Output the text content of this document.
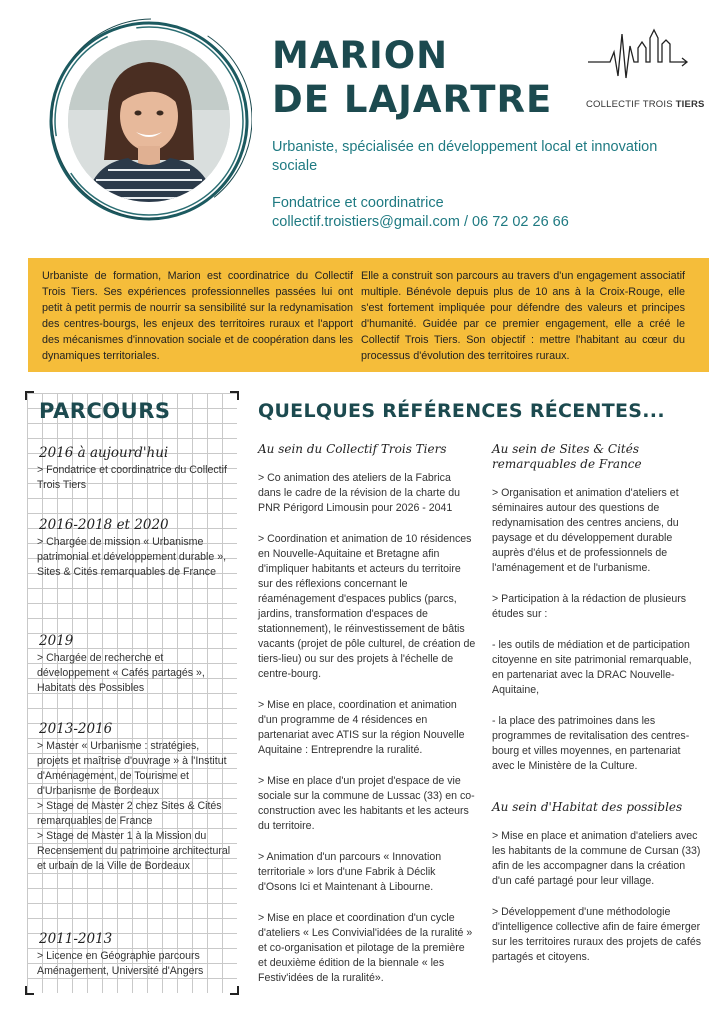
MARION
DE LAJARTRE
Urbaniste, spécialisée en développement local et innovation sociale
Fondatrice et coordinatrice
collectif.troistiers@gmail.com / 06 72 02 26 66
COLLECTIF TROIS TIERS

Urbaniste de formation, Marion est coordinatrice du Collectif Trois Tiers. Ses expériences professionnelles passées lui ont petit à petit permis de nourrir sa sensibilité sur la redynamisation des centres-bourgs, les enjeux des territoires ruraux et l'apport des mécanismes d'innovation sociale et de coopération dans les dynamiques territoriales.

Elle a construit son parcours au travers d'un engagement associatif multiple. Bénévole depuis plus de 10 ans à la Croix-Rouge, elle s'est fortement impliquée pour défendre des valeurs et principes d'humanité. Guidée par ce premier engagement, elle a créé le Collectif Trois Tiers. Son objectif : mettre l'habitant au cœur du processus d'évolution des territoires ruraux.

PARCOURS
2016 à aujourd'hui
> Fondatrice et coordinatrice du Collectif Trois Tiers
2016-2018 et 2020
> Chargée de mission « Urbanisme patrimonial et développement durable »,
Sites & Cités remarquables de France
2019
> Chargée de recherche et développement « Cafés partagés », Habitats des Possibles
2013-2016
> Master « Urbanisme : stratégies, projets et maîtrise d'ouvrage » à l'Institut d'Aménagement, de Tourisme et d'Urbanisme de Bordeaux
> Stage de Master 2 chez Sites & Cités remarquables de France
> Stage de Master 1 à la Mission du Recensement du patrimoine architectural et urbain de la Ville de Bordeaux
2011-2013
> Licence en Géographie parcours Aménagement, Université d'Angers
QUELQUES RÉFÉRENCES RÉCENTES...
Au sein du Collectif Trois Tiers
> Co animation des ateliers de la Fabrica dans le cadre de la révision de la charte du PNR Périgord Limousin pour 2026 - 2041
> Coordination et animation de 10 résidences en Nouvelle-Aquitaine et Bretagne afin d'impliquer habitants et acteurs du territoire sur des réflexions concernant le réaménagement d'espaces publics (parcs, jardins, transformation d'espaces de stationnement), le réinvestissement de bâtis vacants (projet de pôle culturel, de création de tiers-lieu) ou sur des projets à l'échelle de centre-bourg.
> Mise en place, coordination et animation d'un programme de 4 résidences en partenariat avec ATIS sur la région Nouvelle Aquitaine : Entreprendre la ruralité.
> Mise en place d'un projet d'espace de vie sociale sur la commune de Lussac (33) en co-construction avec les habitants et les acteurs du territoire.
> Animation d'un parcours « Innovation territoriale » lors d'une Fabrik à Déclik d'Osons Ici et Maintenant à Libourne.
> Mise en place et coordination d'un cycle d'ateliers « Les Convivial'idées de la ruralité » et co-organisation et pilotage de la première et deuxième édition de la biennale « les Festiv'idées de la ruralité».
Au sein de Sites & Cités remarquables de France
> Organisation et animation d'ateliers et séminaires autour des questions de redynamisation des centres anciens, du paysage et du développement durable auprès d'élus et de professionnels de l'aménagement et de l'urbanisme.
> Participation à la rédaction de plusieurs études sur :
- les outils de médiation et de participation citoyenne en site patrimonial remarquable, en partenariat avec la DRAC Nouvelle-Aquitaine,
- la place des patrimoines dans les programmes de revitalisation des centres-bourg et villes moyennes, en partenariat avec le Ministère de la Culture.
Au sein d'Habitat des possibles
> Mise en place et animation d'ateliers avec les habitants de la commune de Cursan (33) afin de les accompagner dans la création d'un café partagé pour leur village.
> Développement d'une méthodologie d'intelligence collective afin de faire émerger sur les territoires ruraux des projets de cafés partagés et citoyens.
